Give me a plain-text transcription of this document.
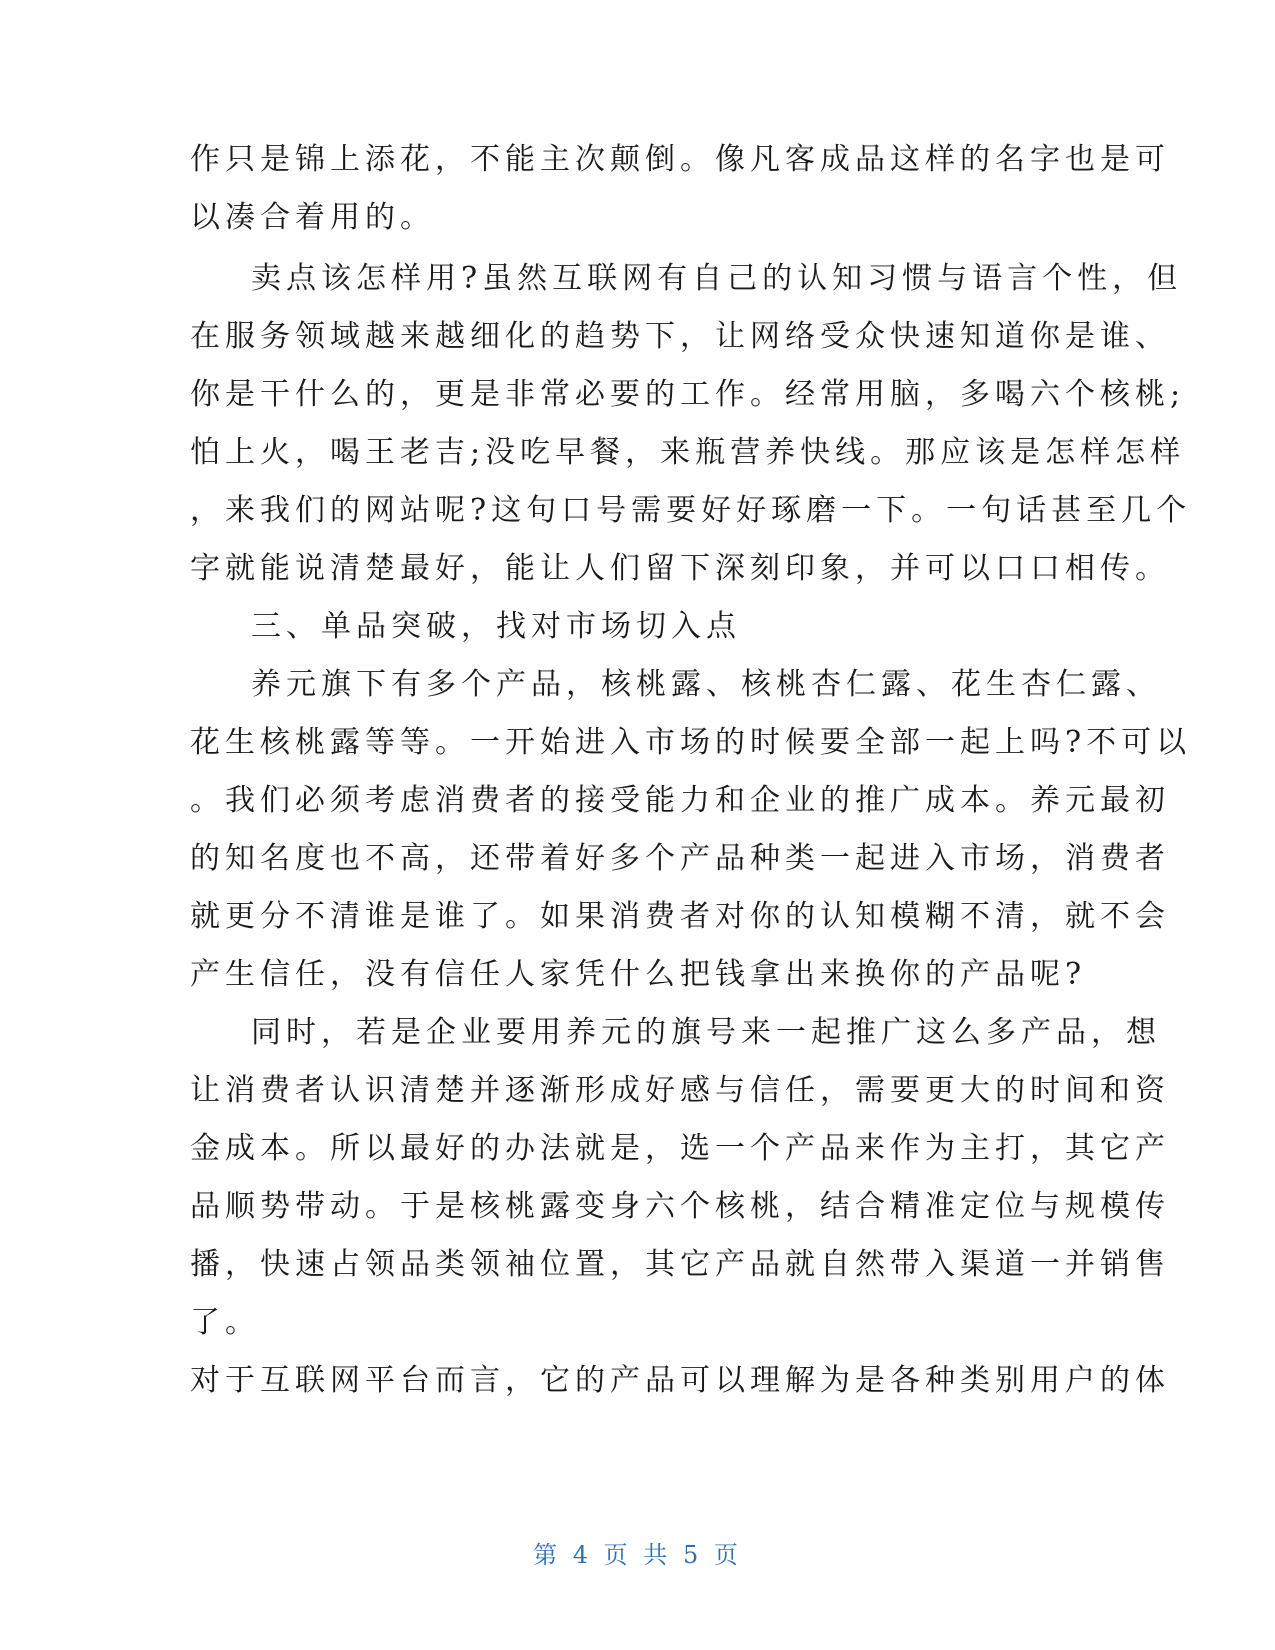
作只是锦上添花，不能主次颠倒。像凡客成品这样的名字也是可
以凑合着用的。
卖点该怎样用?虽然互联网有自己的认知习惯与语言个性，但
在服务领域越来越细化的趋势下，让网络受众快速知道你是谁、
你是干什么的，更是非常必要的工作。经常用脑，多喝六个核桃;
怕上火，喝王老吉;没吃早餐，来瓶营养快线。那应该是怎样怎样
，来我们的网站呢?这句口号需要好好琢磨一下。一句话甚至几个
字就能说清楚最好，能让人们留下深刻印象，并可以口口相传。
三、单品突破，找对市场切入点
养元旗下有多个产品，核桃露、核桃杏仁露、花生杏仁露、
花生核桃露等等。一开始进入市场的时候要全部一起上吗?不可以
。我们必须考虑消费者的接受能力和企业的推广成本。养元最初
的知名度也不高，还带着好多个产品种类一起进入市场，消费者
就更分不清谁是谁了。如果消费者对你的认知模糊不清，就不会
产生信任，没有信任人家凭什么把钱拿出来换你的产品呢?
同时，若是企业要用养元的旗号来一起推广这么多产品，想
让消费者认识清楚并逐渐形成好感与信任，需要更大的时间和资
金成本。所以最好的办法就是，选一个产品来作为主打，其它产
品顺势带动。于是核桃露变身六个核桃，结合精准定位与规模传
播，快速占领品类领袖位置，其它产品就自然带入渠道一并销售
了。
对于互联网平台而言，它的产品可以理解为是各种类别用户的体
第 4 页 共 5 页
